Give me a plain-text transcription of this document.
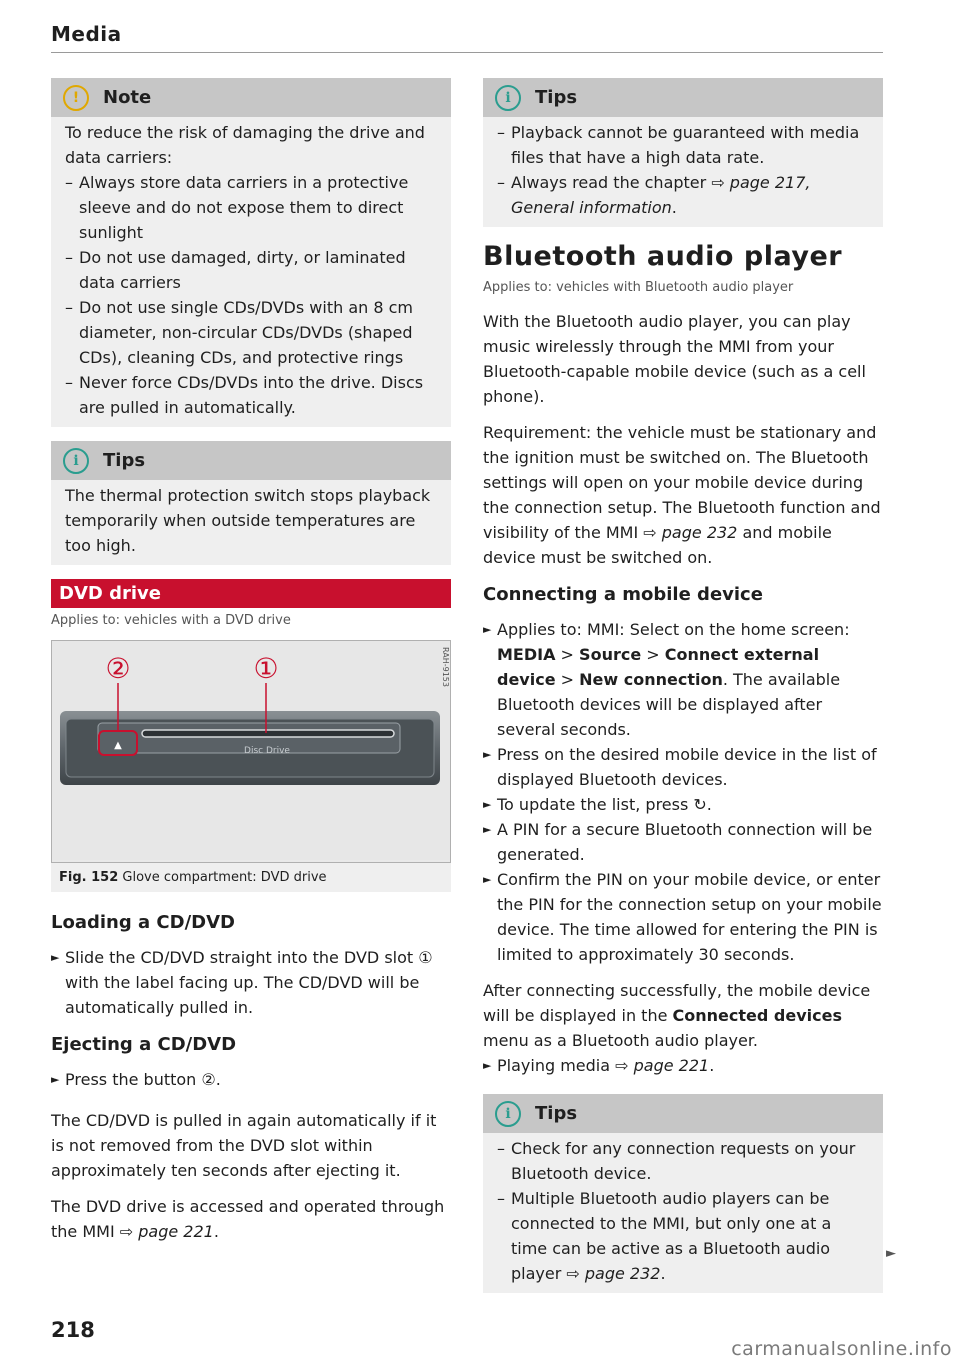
Media
!	Note

To reduce the risk of damaging the drive and data carriers:

– Always store data carriers in a protective sleeve and do not expose them to direct sunlight
– Do not use damaged, dirty, or laminated data carriers
– Do not use single CDs/DVDs with an 8 cm diameter, non-circular CDs/DVDs (shaped CDs), cleaning CDs, and protective rings
– Never force CDs/DVDs into the drive. Discs are pulled in automatically.
i	Tips

The thermal protection switch stops playback temporarily when outside temperatures are too high.

DVD drive
Applies to: vehicles with a DVD drive
▲	Disc Drive
②	①	RAH-9153
Fig. 152 Glove compartment: DVD drive
Loading a CD/DVD
► Slide the CD/DVD straight into the DVD slot ① with the label facing up. The CD/DVD will be automatically pulled in.
Ejecting a CD/DVD
► Press the button ②.

The CD/DVD is pulled in again automatically if it is not removed from the DVD slot within approximately ten seconds after ejecting it.

The DVD drive is accessed and operated through the MMI ⇨ page 221.

i	Tips
– Playback cannot be guaranteed with media files that have a high data rate.
– Always read the chapter ⇨ page 217, General information.
Bluetooth audio player
Applies to: vehicles with Bluetooth audio player

With the Bluetooth audio player, you can play music wirelessly through the MMI from your Bluetooth-capable mobile device (such as a cell phone).

Requirement: the vehicle must be stationary and the ignition must be switched on. The Bluetooth settings will open on your mobile device during the connection setup. The Bluetooth function and visibility of the MMI ⇨ page 232 and mobile device must be switched on.

Connecting a mobile device
► Applies to: MMI: Select on the home screen: MEDIA > Source > Connect external device > New connection. The available Bluetooth devices will be displayed after several seconds.
► Press on the desired mobile device in the list of displayed Bluetooth devices.
► To update the list, press ↻.
► A PIN for a secure Bluetooth connection will be generated.
► Confirm the PIN on your mobile device, or enter the PIN for the connection setup on your mobile device. The time allowed for entering the PIN is limited to approximately 30 seconds.

After connecting successfully, the mobile device will be displayed in the Connected devices menu as a Bluetooth audio player.

► Playing media ⇨ page 221.
i	Tips
– Check for any connection requests on your Bluetooth device.
– Multiple Bluetooth audio players can be connected to the MMI, but only one at a time can be active as a Bluetooth audio player ⇨ page 232.
►
218
carmanualsonline.info
